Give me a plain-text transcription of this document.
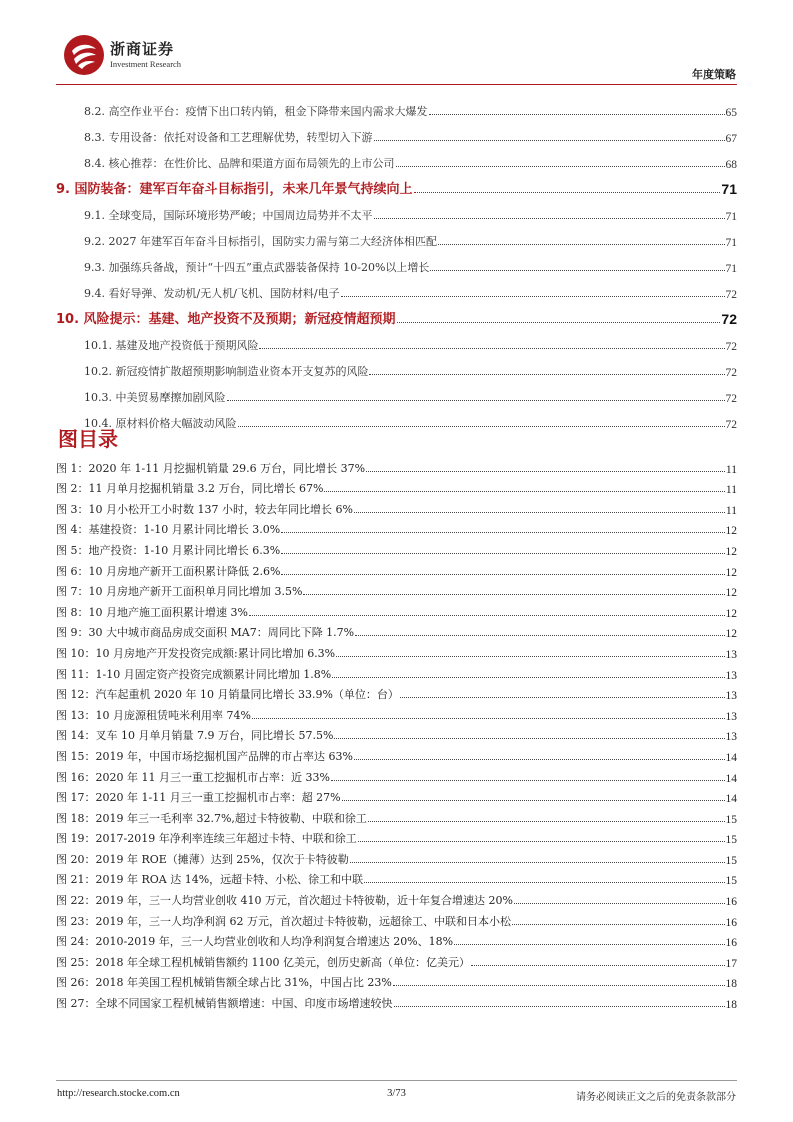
浙商证券
Investment Research
年度策略
8.2. 高空作业平台：疫情下出口转内销，租金下降带来国内需求大爆发	65
8.3. 专用设备：依托对设备和工艺理解优势，转型切入下游	67
8.4. 核心推荐：在性价比、品牌和渠道方面布局领先的上市公司	68
9. 国防装备：建军百年奋斗目标指引，未来几年景气持续向上	71
9.1. 全球变局，国际环境形势严峻；中国周边局势并不太平	71
9.2. 2027 年建军百年奋斗目标指引，国防实力需与第二大经济体相匹配	71
9.3. 加强练兵备战，预计“十四五”重点武器装备保持 10-20%以上增长	71
9.4. 看好导弹、发动机/无人机/飞机、国防材料/电子	72
10. 风险提示：基建、地产投资不及预期；新冠疫情超预期	72
10.1. 基建及地产投资低于预期风险	72
10.2. 新冠疫情扩散超预期影响制造业资本开支复苏的风险	72
10.3. 中美贸易摩擦加剧风险	72
10.4. 原材料价格大幅波动风险	72
图目录
图 1：2020 年 1-11 月挖掘机销量 29.6 万台，同比增长 37%	11
图 2：11 月单月挖掘机销量 3.2 万台，同比增长 67%	11
图 3：10 月小松开工小时数 137 小时，较去年同比增长 6%	11
图 4：基建投资：1-10 月累计同比增长 3.0%	12
图 5：地产投资：1-10 月累计同比增长 6.3%	12
图 6：10 月房地产新开工面积累计降低 2.6%	12
图 7：10 月房地产新开工面积单月同比增加 3.5%	12
图 8：10 月地产施工面积累计增速 3%	12
图 9：30 大中城市商品房成交面积 MA7：周同比下降 1.7%	12
图 10：10 月房地产开发投资完成额:累计同比增加 6.3%	13
图 11：1-10 月固定资产投资完成额累计同比增加 1.8%	13
图 12：汽车起重机 2020 年 10 月销量同比增长 33.9%（单位：台）	13
图 13：10 月庞源租赁吨米利用率 74%	13
图 14：叉车 10 月单月销量 7.9 万台，同比增长 57.5%	13
图 15：2019 年，中国市场挖掘机国产品牌的市占率达 63%	14
图 16：2020 年 11 月三一重工挖掘机市占率：近 33%	14
图 17：2020 年 1-11 月三一重工挖掘机市占率：超 27%	14
图 18：2019 年三一毛利率 32.7%,超过卡特彼勒、中联和徐工	15
图 19：2017-2019 年净利率连续三年超过卡特、中联和徐工	15
图 20：2019 年 ROE（摊薄）达到 25%，仅次于卡特彼勒	15
图 21：2019 年 ROA 达 14%，远超卡特、小松、徐工和中联	15
图 22：2019 年，三一人均营业创收 410 万元，首次超过卡特彼勒，近十年复合增速达 20%	16
图 23：2019 年，三一人均净利润 62 万元，首次超过卡特彼勒，远超徐工、中联和日本小松	16
图 24：2010-2019 年，三一人均营业创收和人均净利润复合增速达 20%、18%	16
图 25：2018 年全球工程机械销售额约 1100 亿美元，创历史新高（单位：亿美元）	17
图 26：2018 年美国工程机械销售额全球占比 31%，中国占比 23%	18
图 27：全球不同国家工程机械销售额增速：中国、印度市场增速较快	18
http://research.stocke.com.cn	3/73	请务必阅读正文之后的免责条款部分
